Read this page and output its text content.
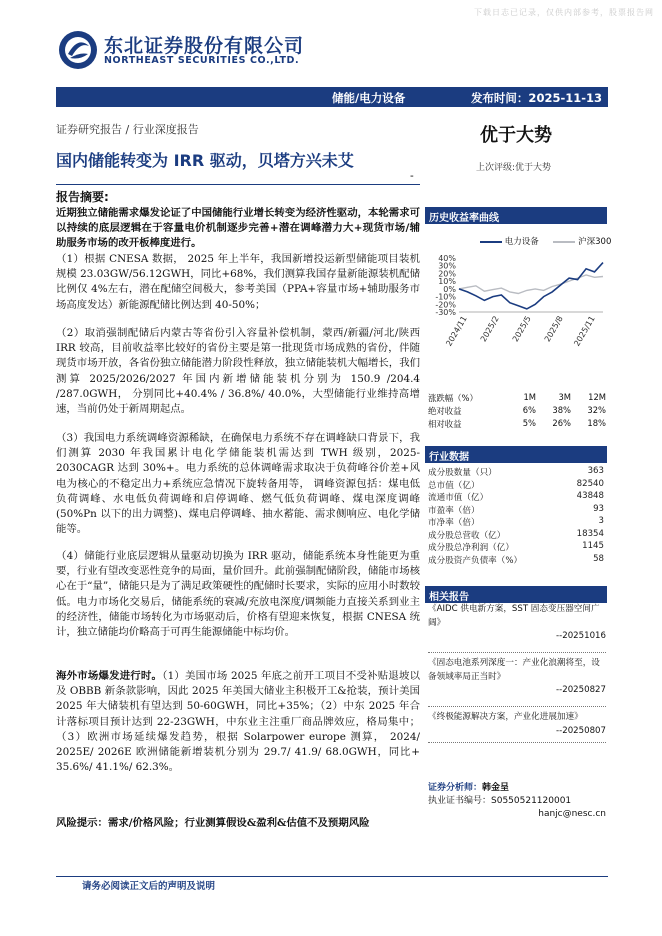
下载日志已记录，仅供内部参考，股票报告网
东北证券股份有限公司
NORTHEAST SECURITIES CO.,LTD.
储能/电力设备	发布时间：2025-11-13
证券研究报告 / 行业深度报告	优于大势
国内储能转变为 IRR 驱动，贝塔方兴未艾
-
上次评级:优于大势
报告摘要:
近期独立储能需求爆发论证了中国储能行业增长转变为经济性驱动，本轮需求可以持续的底层逻辑在于容量电价机制逐步完善+潜在调峰潜力大+现货市场/辅助服务市场的改开板棒度进行。
（1）根据 CNESA 数据， 2025 年上半年，我国新增投运新型储能项目装机规模 23.03GW/56.12GWH，同比+68%，我们测算我国存量新能源装机配储比例仅 4%左右，潜在配储空间极大，参考美国（PPA+容量市场+辅助服务市场高度发达）新能源配储比例达到 40-50%；
（2）取消强制配储后内蒙古等省份引入容量补偿机制，蒙西/新疆/河北/陕西 IRR 较高，目前收益率比较好的省份主要是第一批现货市场成熟的省份，伴随现货市场开放，各省份独立储能潜力阶段性释放，独立储能装机大幅增长，我们测算 2025/2026/2027 年国内新增储能装机分别为 150.9 /204.4 /287.0GWH， 分别同比+40.4% / 36.8%/ 40.0%，大型储能行业维持高增速，当前仍处于新周期起点。
（3）我国电力系统调峰资源稀缺，在确保电力系统不存在调峰缺口背景下，我们测算 2030 年我国累计电化学储能装机需达到 TWH 级别，2025-2030CAGR 达到 30%+。电力系统的总体调峰需求取决于负荷峰谷价差+风电为核心的不稳定出力+系统应急情况下旋转备用等， 调峰资源包括：煤电低负荷调峰、水电低负荷调峰和启停调峰、燃气低负荷调峰、煤电深度调峰(50%Pn 以下的出力调整)、煤电启停调峰、抽水蓄能、需求侧响应、电化学储能等。
（4）储能行业底层逻辑从量驱动切换为 IRR 驱动，储能系统本身性能更为重要，行业有望改变恶性竞争的局面，量价回升。此前强制配储阶段，储能市场核心在于“量”，储能只是为了满足政策硬性的配储时长要求，实际的应用小时数较低。电力市场化交易后，储能系统的衰减/充放电深度/调频能力直接关系到业主的经济性，储能市场转化为市场驱动后，价格有望迎来恢复，根据 CNESA 统计，独立储能均价略高于可再生能源储能中标均价。
海外市场爆发进行时。（1）美国市场 2025 年底之前开工项目不受补贴退坡以及 OBBB 新条款影响，因此 2025 年美国大储业主积极开工&抢装，预计美国 2025 年大储装机有望达到 50-60GWH，同比+35%；（2）中东 2025 年合计落标项目预计达到 22-23GWH，中东业主注重厂商品牌效应，格局集中；（3）欧洲市场延续爆发趋势，根据 Solarpower europe 测算， 2024/ 2025E/ 2026E 欧洲储能新增装机分别为 29.7/ 41.9/ 68.0GWH，同比+ 35.6%/ 41.1%/ 62.3%。
风险提示：需求/价格风险；行业测算假设&盈利&估值不及预期风险
请务必阅读正文后的声明及说明
历史收益率曲线
电力设备	沪深300
40%
30%
20%
10%
0%
-10%
-20%
-30%
2024/11 2025/2 2025/5 2025/8 2025/11
涨跌幅（%）	1M	3M	12M
绝对收益	6%	38%	32%
相对收益	5%	26%	18%
行业数据
成分股数量（只）	363
总市值（亿）	82540
流通市值（亿）	43848
市盈率（倍）	93
市净率（倍）	3
成分股总营收（亿）	18354
成分股总净利润（亿）	1145
成分股资产负债率（%）	58
相关报告
《AIDC 供电新方案，SST 固态变压器空间广阔》
--20251016
《固态电池系列深度一：产业化浪潮将至，设备领域率局正当时》
--20250827
《终极能源解决方案，产业化进展加速》
--20250807
证券分析师：韩金呈
执业证书编号：S0550521120001
hanjc@nesc.cn
